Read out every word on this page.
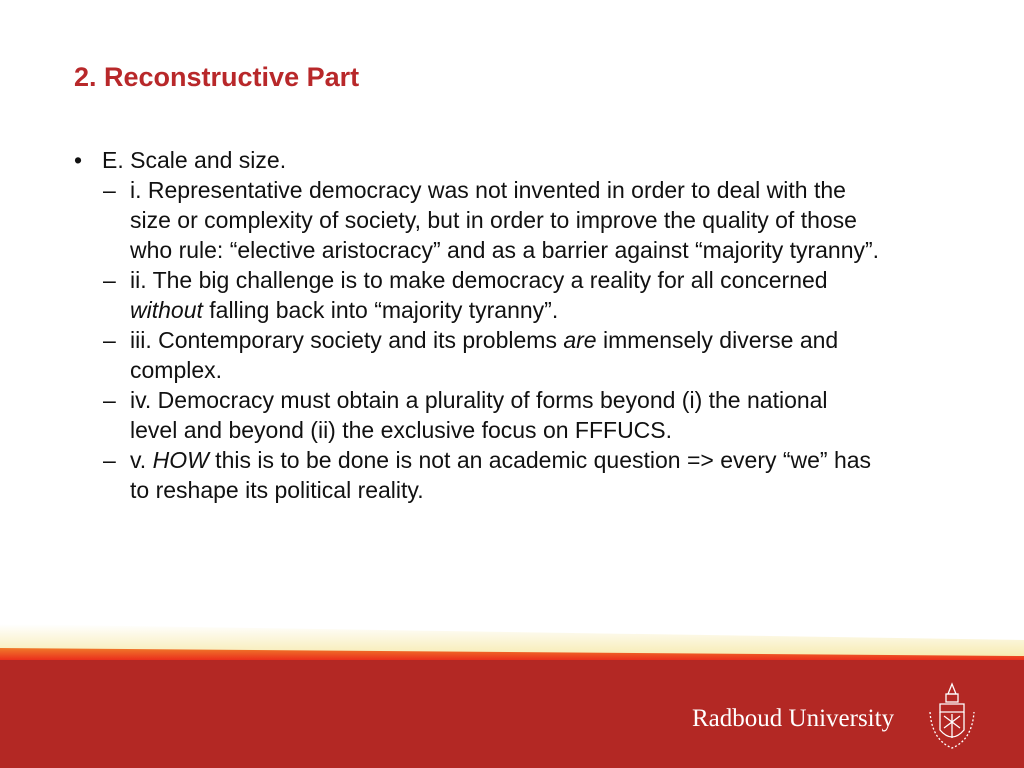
2. Reconstructive Part
• E. Scale and size.
– i. Representative democracy was not invented in order to deal with the
size or complexity of society, but in order to improve the quality of those
who rule: “elective aristocracy” and as a barrier against “majority tyranny”.
– ii. The big challenge is to make democracy a reality for all concerned
without falling back into “majority tyranny”.
– iii. Contemporary society and its problems are immensely diverse and
complex.
– iv. Democracy must obtain a plurality of forms beyond (i) the national
level and beyond (ii) the exclusive focus on FFFUCS.
– v. HOW this is to be done is not an academic question => every “we” has
to reshape its political reality.
Radboud University
